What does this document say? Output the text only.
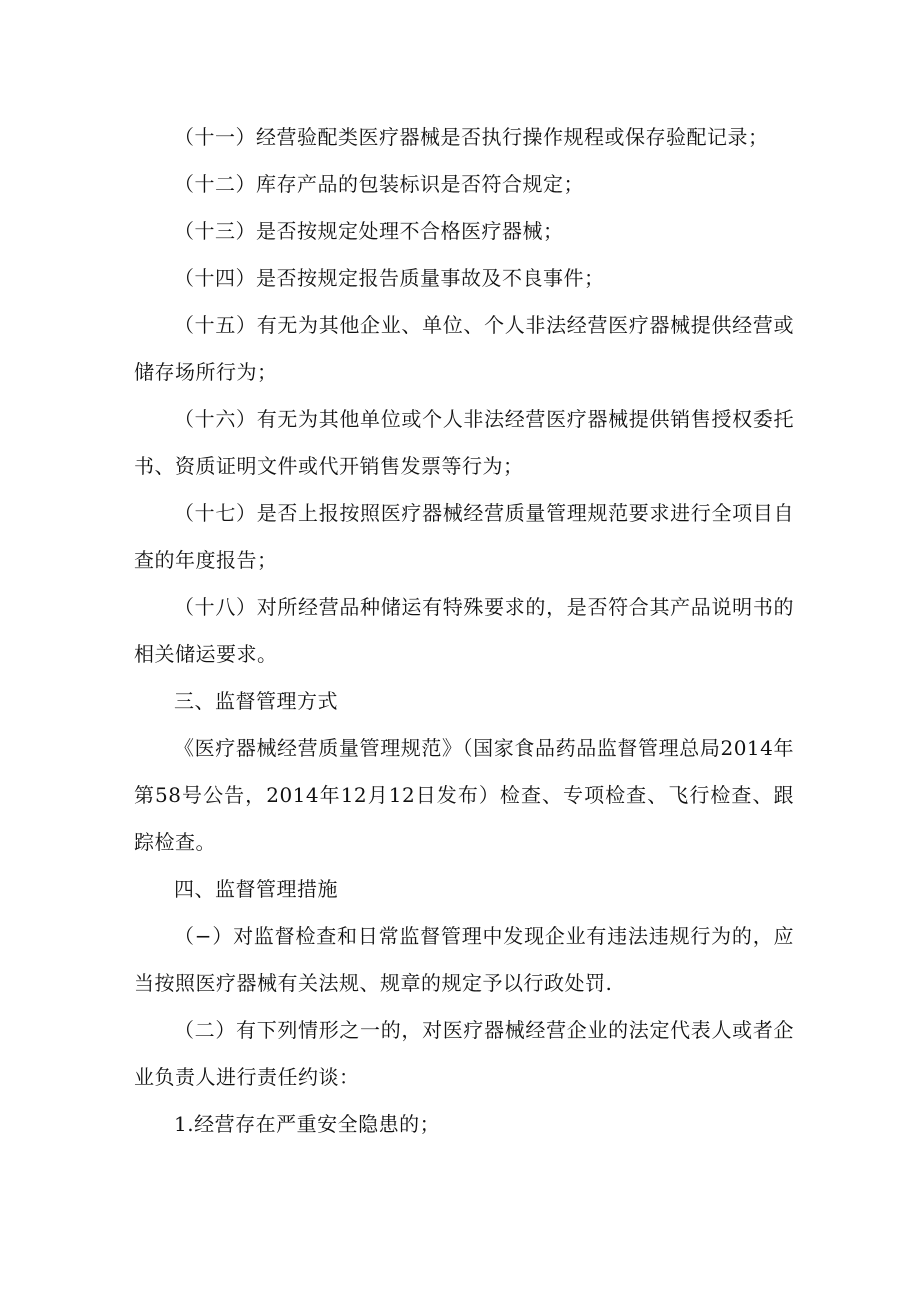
（十一）经营验配类医疗器械是否执行操作规程或保存验配记录；

（十二）库存产品的包装标识是否符合规定；

（十三）是否按规定处理不合格医疗器械；

（十四）是否按规定报告质量事故及不良事件；

（十五）有无为其他企业、单位、个人非法经营医疗器械提供经营或储存场所行为；

（十六）有无为其他单位或个人非法经营医疗器械提供销售授权委托书、资质证明文件或代开销售发票等行为；

（十七）是否上报按照医疗器械经营质量管理规范要求进行全项目自查的年度报告；

（十八）对所经营品种储运有特殊要求的，是否符合其产品说明书的相关储运要求。

三、监督管理方式

《医疗器械经营质量管理规范》（国家食品药品监督管理总局2014年第58号公告，2014年12月12日发布）检查、专项检查、飞行检查、跟踪检查。

四、监督管理措施

（−）对监督检查和日常监督管理中发现企业有违法违规行为的，应当按照医疗器械有关法规、规章的规定予以行政处罚.

（二）有下列情形之一的，对医疗器械经营企业的法定代表人或者企业负责人进行责任约谈：

1.经营存在严重安全隐患的；
